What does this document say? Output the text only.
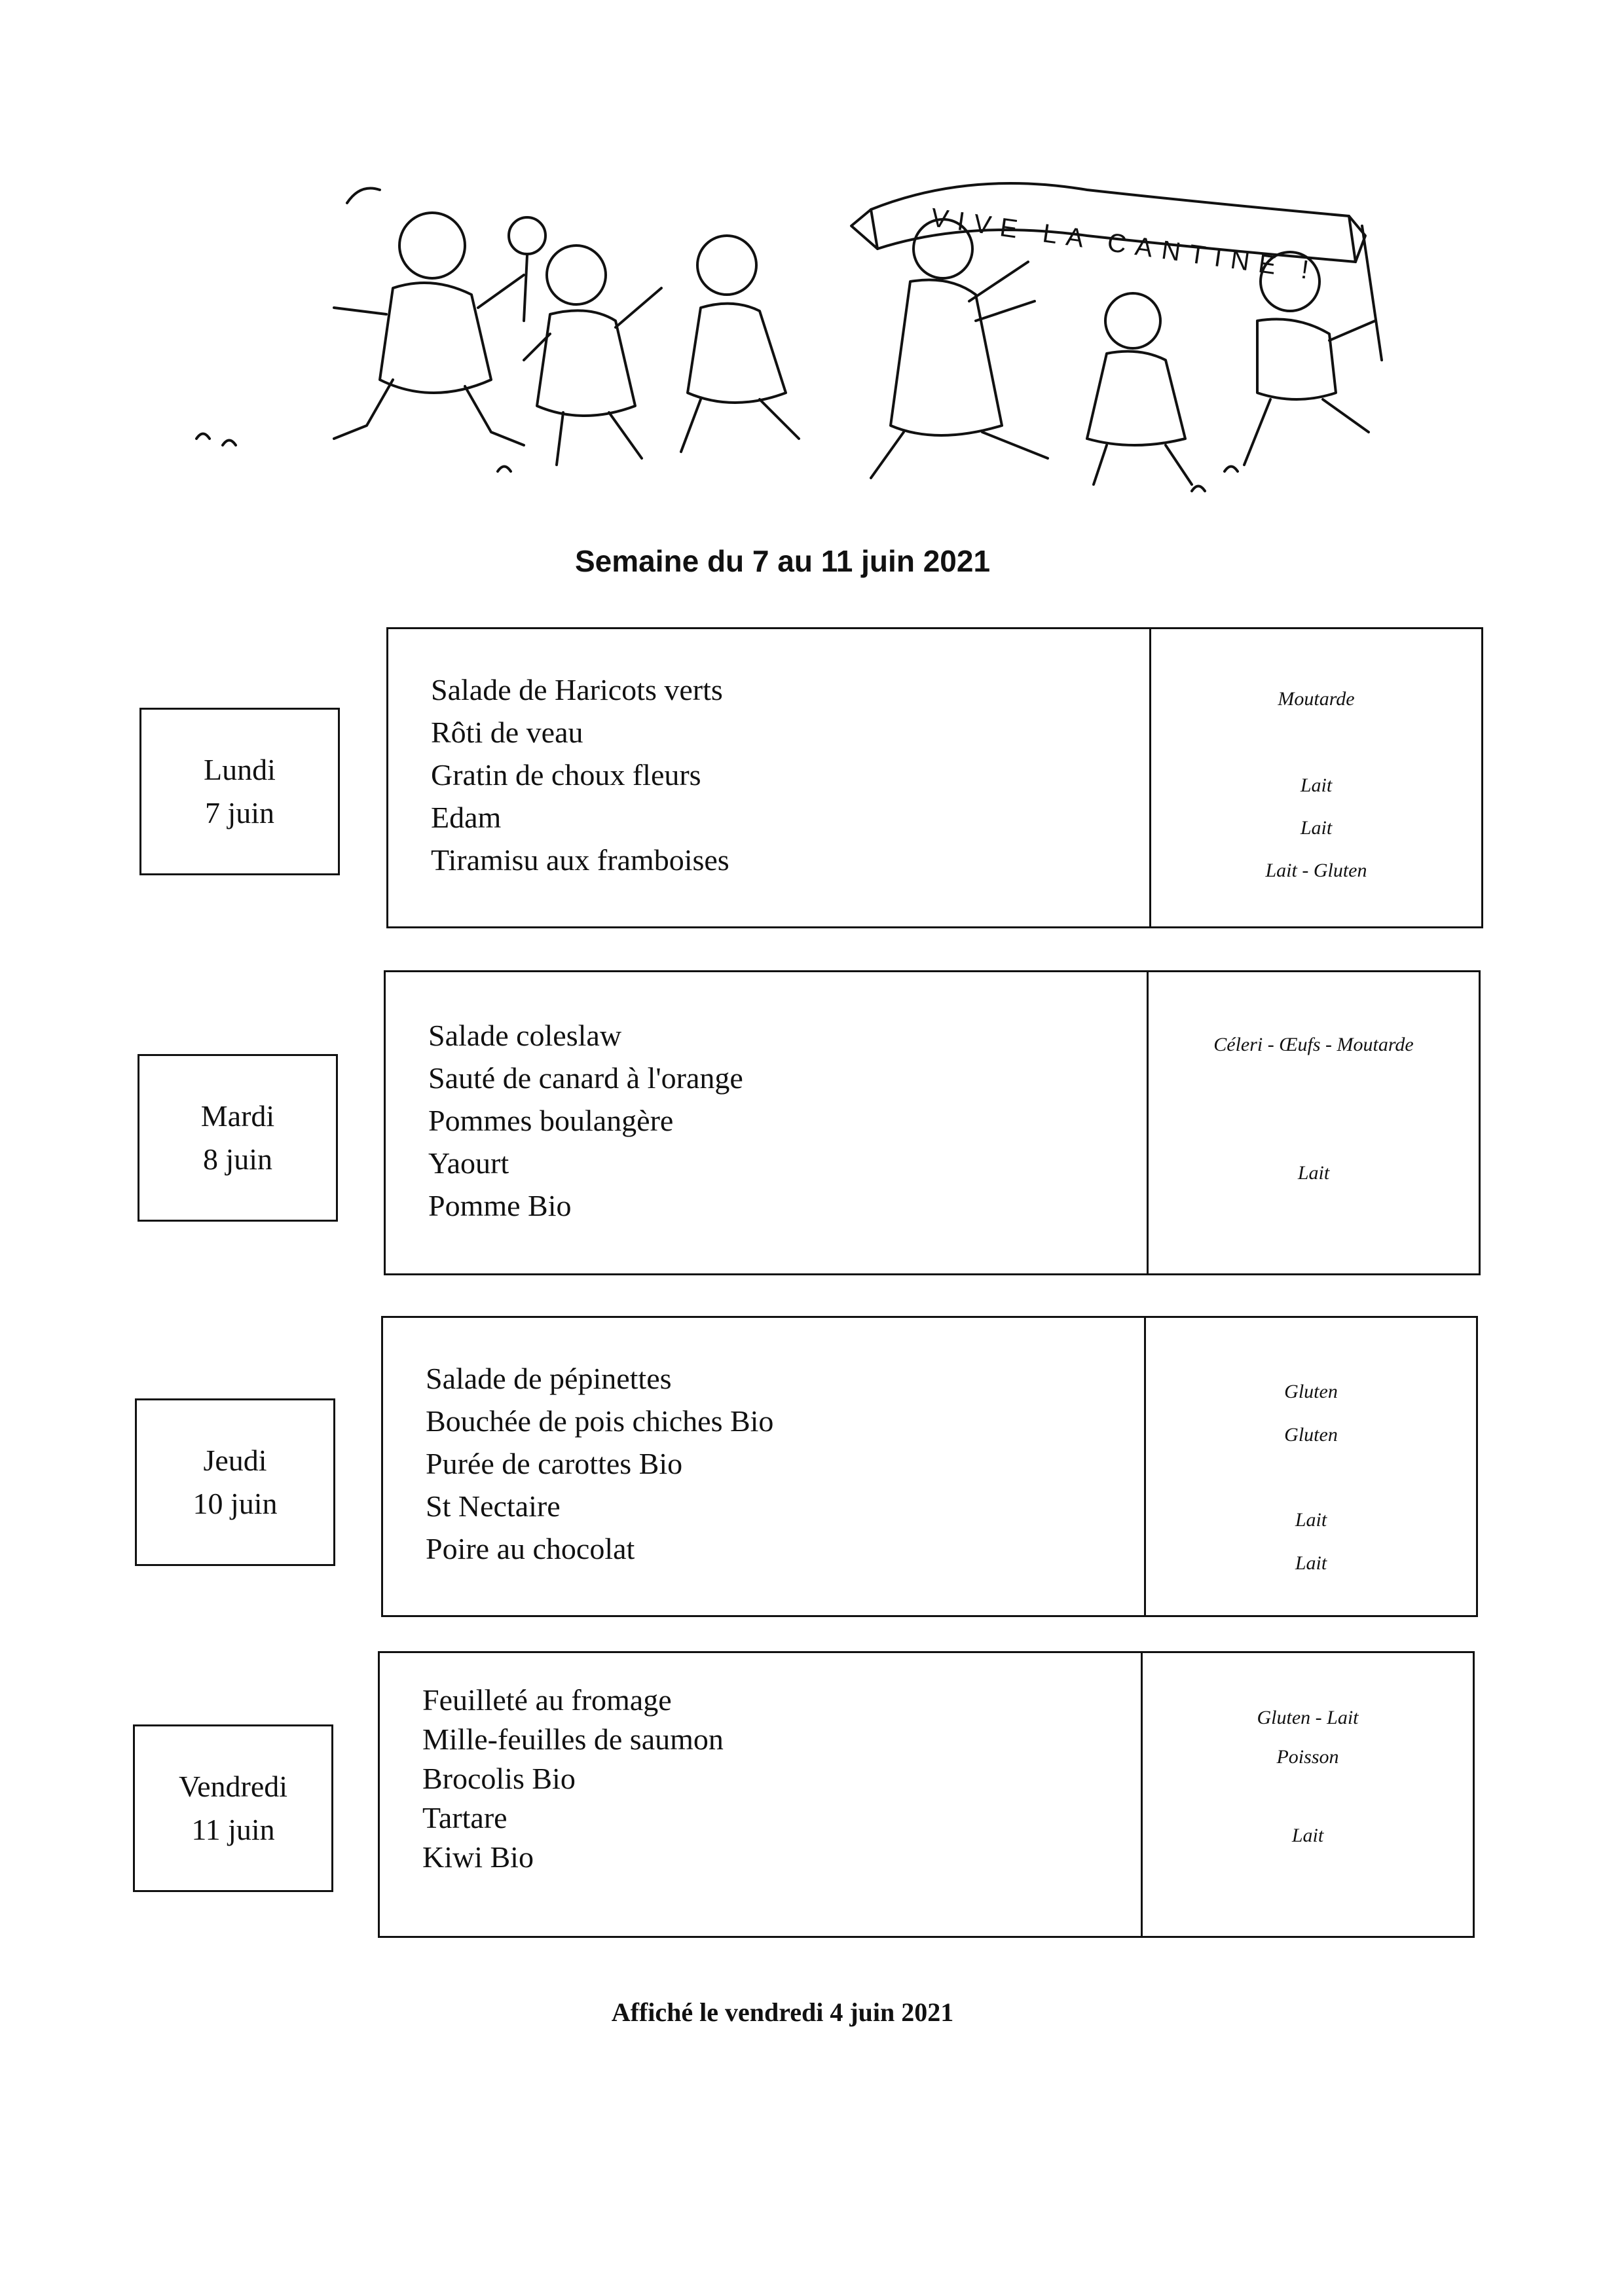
VIVE LA CANTINE !
Semaine du 7 au 11 juin 2021
Lundi
7 juin
Salade de Haricots verts
Rôti de veau
Gratin de choux fleurs
Edam
Tiramisu aux framboises
Moutarde
Lait
Lait
Lait - Gluten
Mardi
8 juin
Salade coleslaw
Sauté de canard à l'orange
Pommes boulangère
Yaourt
Pomme Bio
Céleri - Œufs - Moutarde
Lait
Jeudi
10 juin
Salade de pépinettes
Bouchée de pois chiches Bio
Purée de carottes Bio
St Nectaire
Poire au chocolat
Gluten
Gluten
Lait
Lait
Vendredi
11 juin
Feuilleté au fromage
Mille-feuilles de saumon
Brocolis Bio
Tartare
Kiwi Bio
Gluten - Lait
Poisson
Lait
Affiché le vendredi 4 juin 2021
